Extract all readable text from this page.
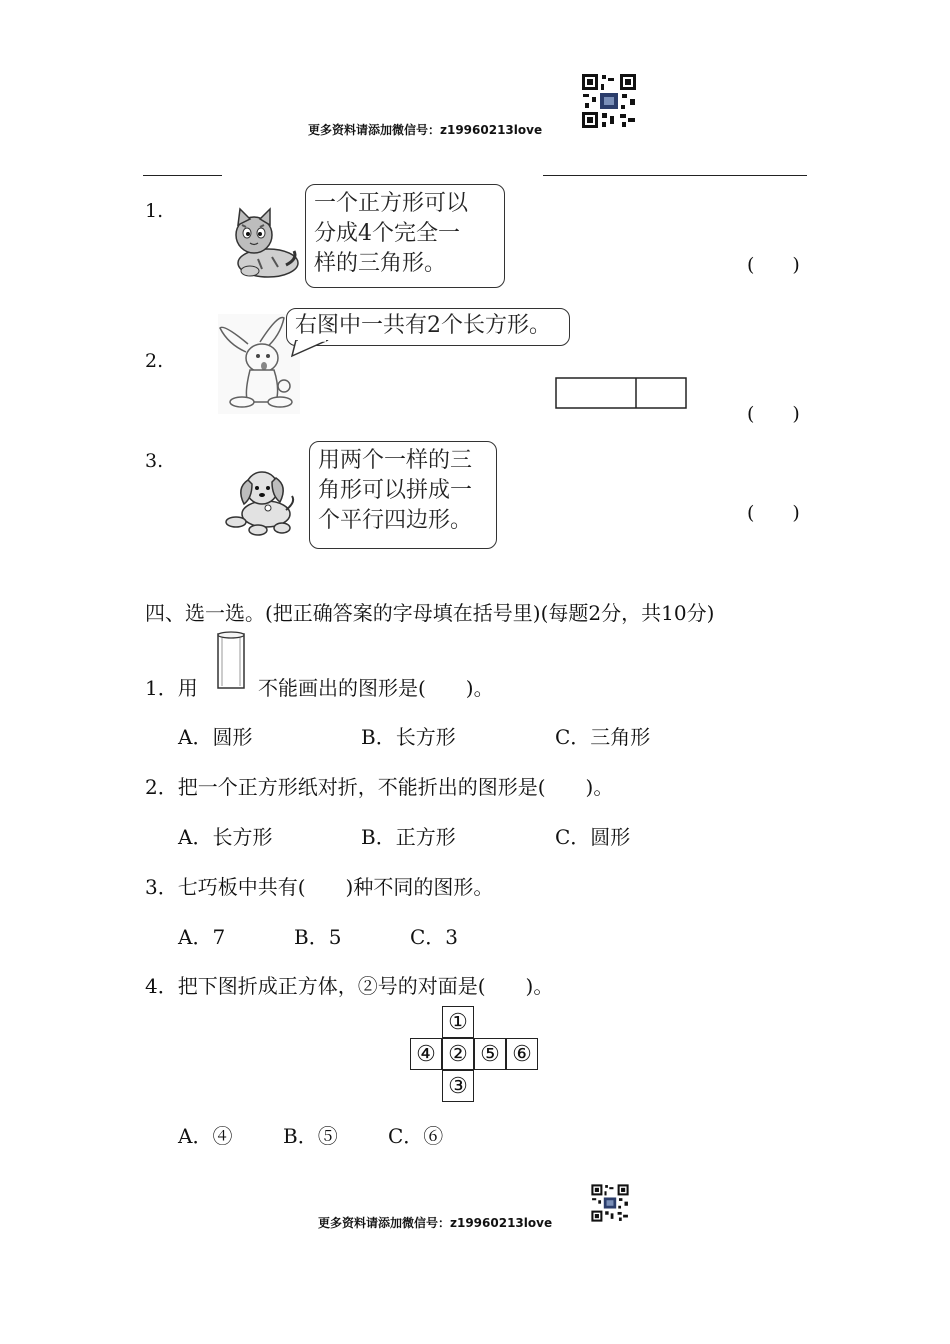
更多资料请添加微信号：z19960213love
1.	一个正方形可以
分成4个完全一
样的三角形。	(　　)
2.
右图中一共有2个长方形。
(　　)
3.	用两个一样的三
角形可以拼成一
个平行四边形。	(　　)
四、选一选。(把正确答案的字母填在括号里)(每题2分，共10分)
1．用	不能画出的图形是(　　)。
A．圆形	B．长方形	C．三角形
2．把一个正方形纸对折，不能折出的图形是(　　)。
A．长方形	B．正方形	C．圆形
3．七巧板中共有(　　)种不同的图形。
A．7	B．5	C．3
4．把下图折成正方体，②号的对面是(　　)。
①
④ ② ⑤ ⑥
③
A．④	B．⑤	C．⑥
更多资料请添加微信号：z19960213love
